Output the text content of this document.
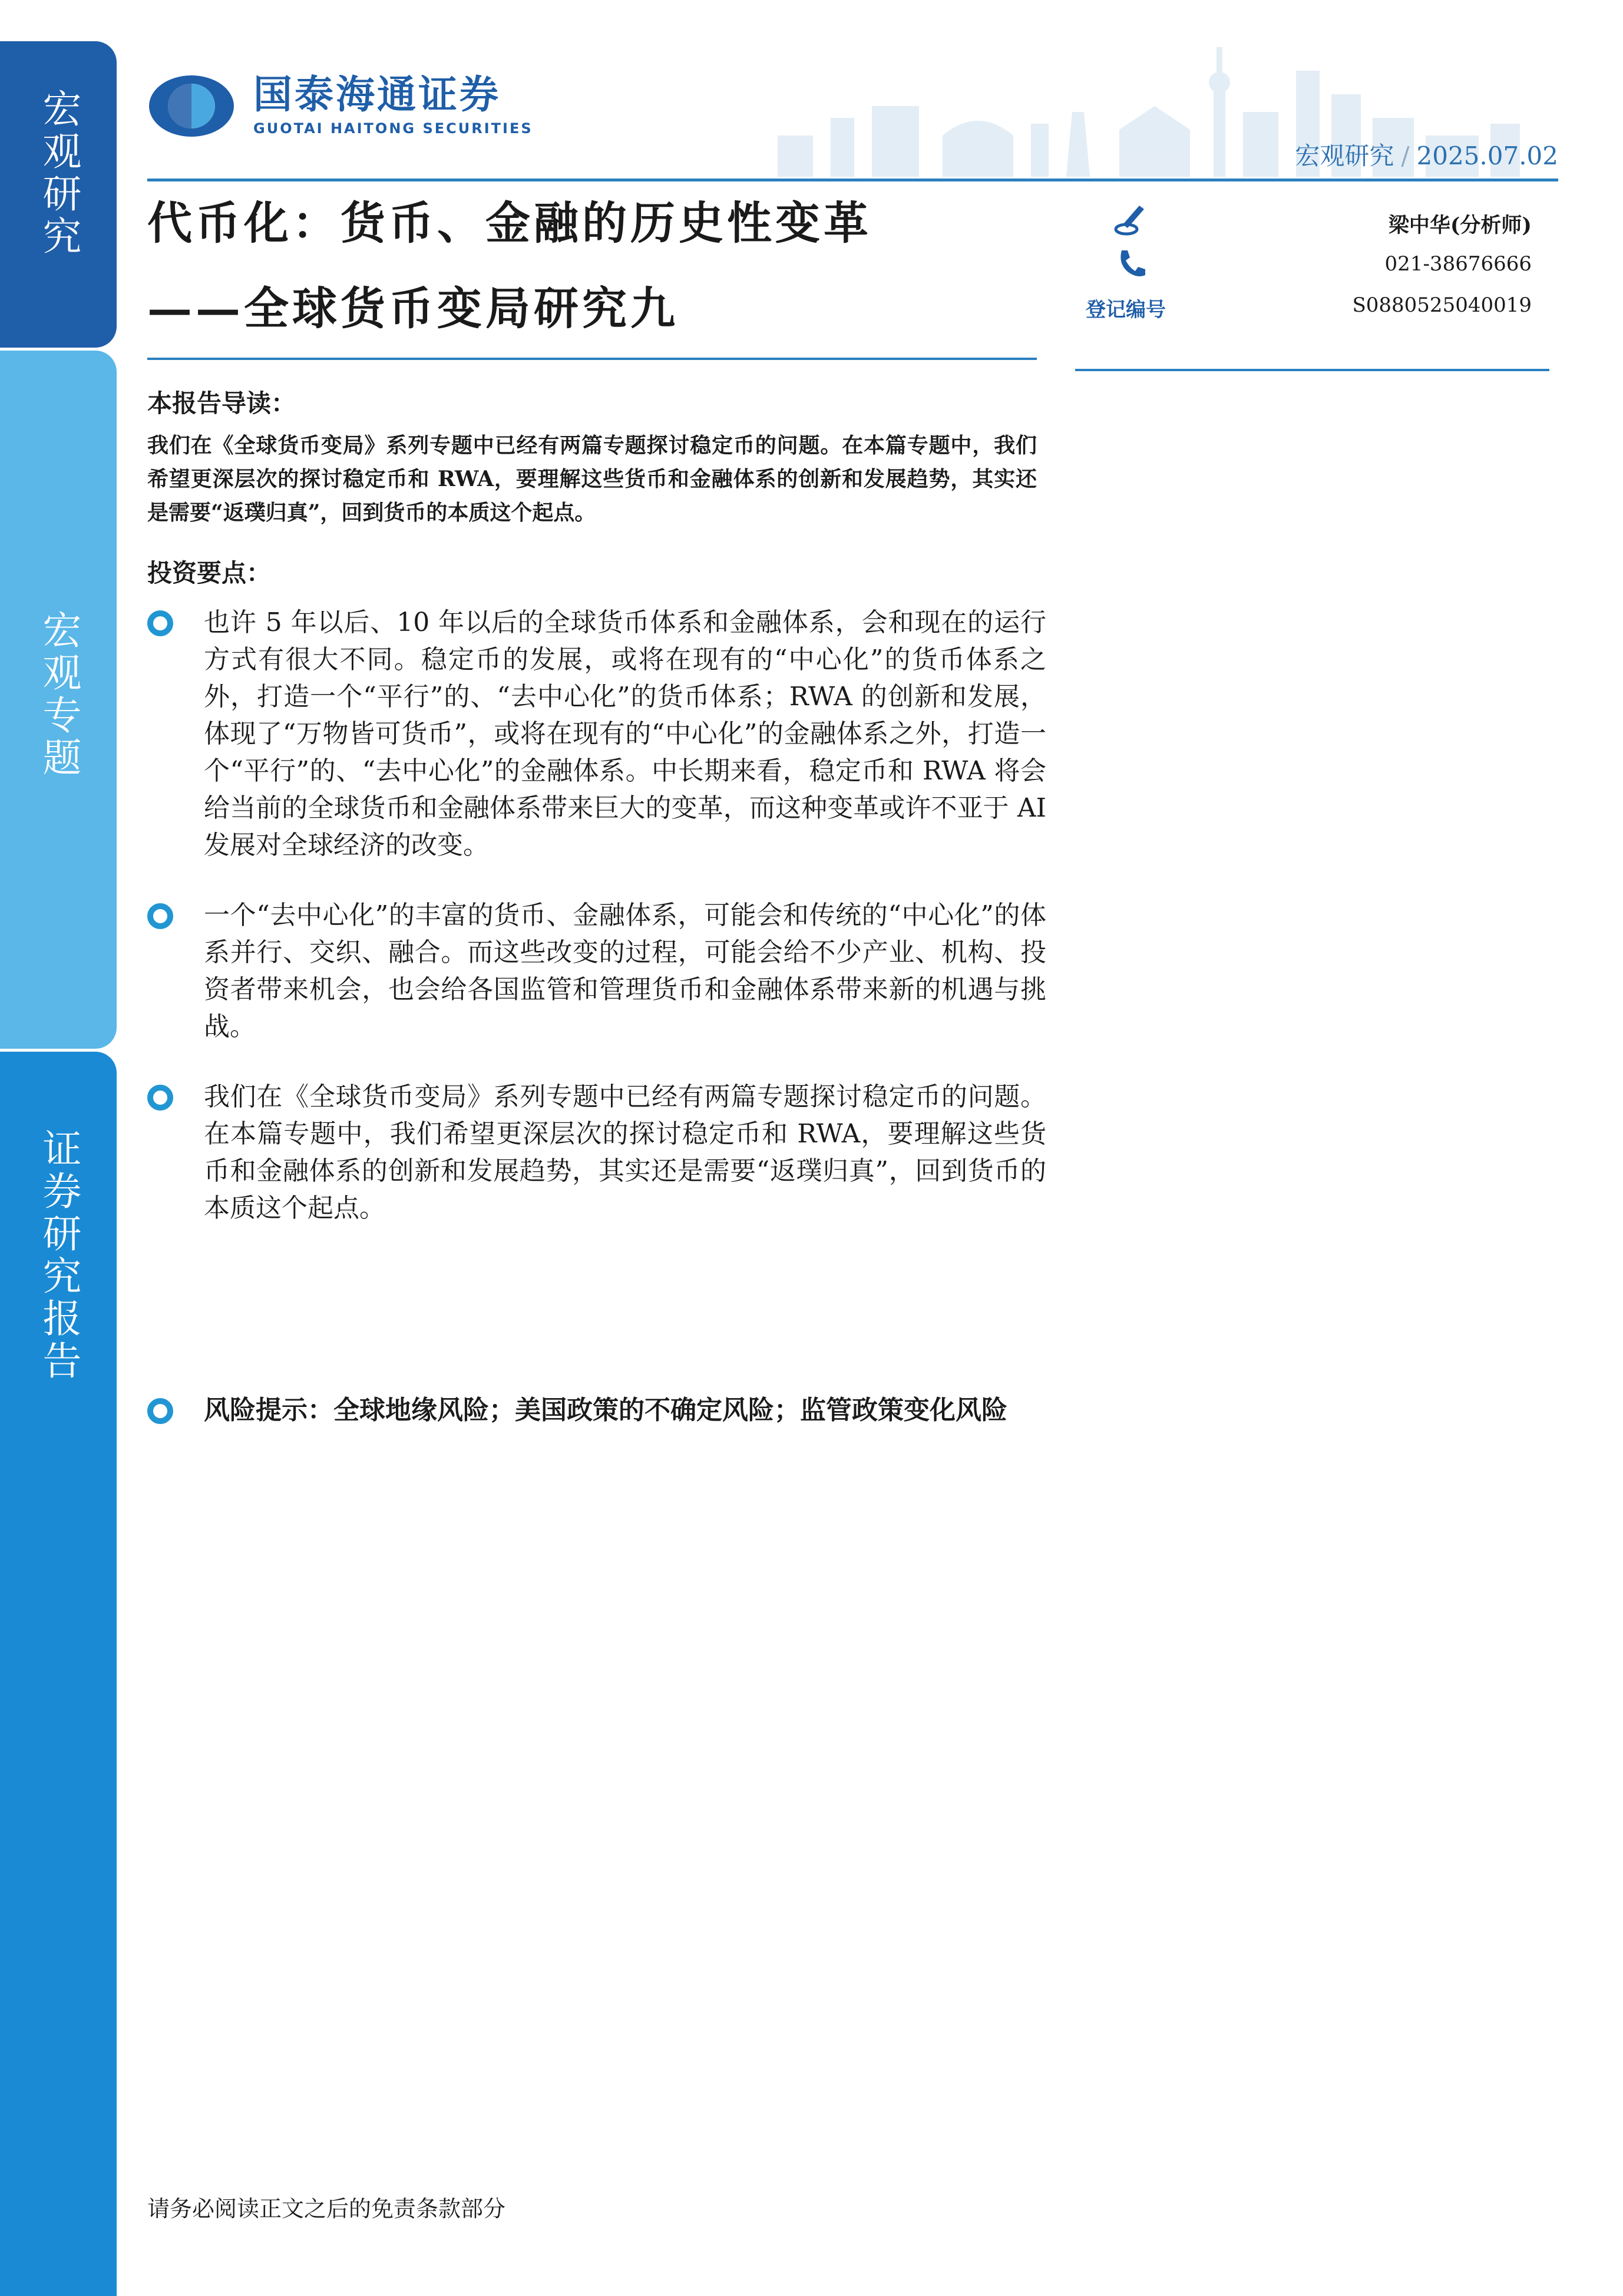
宏观研究
宏观专题
证券研究报告
国泰海通证券
GUOTAI HAITONG SECURITIES
宏观研究 / 2025.07.02
代币化：货币、金融的历史性变革
——全球货币变局研究九	登记编号
梁中华(分析师)
021-38676666
S0880525040019
本报告导读：
我们在《全球货币变局》系列专题中已经有两篇专题探讨稳定币的问题。在本篇专题中，我们希望更深层次的探讨稳定币和 RWA，要理解这些货币和金融体系的创新和发展趋势，其实还是需要“返璞归真”，回到货币的本质这个起点。
投资要点：

也许 5 年以后、10 年以后的全球货币体系和金融体系，会和现在的运行方式有很大不同。稳定币的发展，或将在现有的“中心化”的货币体系之外，打造一个“平行”的、“去中心化”的货币体系；RWA 的创新和发展，体现了“万物皆可货币”，或将在现有的“中心化”的金融体系之外，打造一个“平行”的、“去中心化”的金融体系。中长期来看，稳定币和 RWA 将会给当前的全球货币和金融体系带来巨大的变革，而这种变革或许不亚于 AI 发展对全球经济的改变。

一个“去中心化”的丰富的货币、金融体系，可能会和传统的“中心化”的体系并行、交织、融合。而这些改变的过程，可能会给不少产业、机构、投资者带来机会，也会给各国监管和管理货币和金融体系带来新的机遇与挑战。

我们在《全球货币变局》系列专题中已经有两篇专题探讨稳定币的问题。在本篇专题中，我们希望更深层次的探讨稳定币和 RWA，要理解这些货币和金融体系的创新和发展趋势，其实还是需要“返璞归真”，回到货币的本质这个起点。

风险提示：全球地缘风险；美国政策的不确定风险；监管政策变化风险

请务必阅读正文之后的免责条款部分
